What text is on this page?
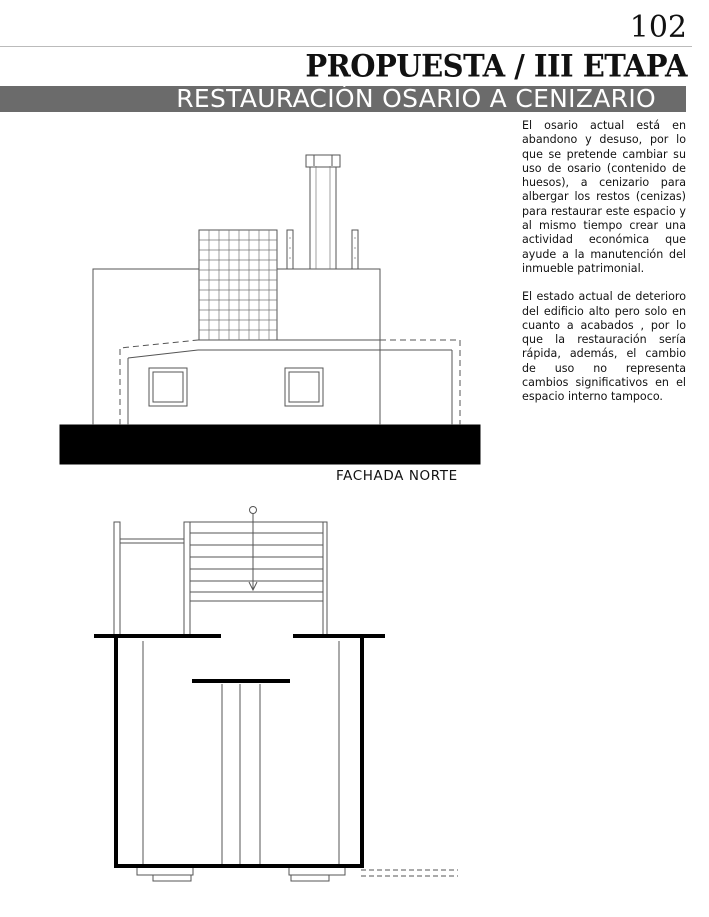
102
PROPUESTA / III ETAPA
RESTAURACIÓN OSARIO A CENIZARIO

El osario actual está en abandono y desuso, por lo que se pretende cambiar su uso de osario (contenido de huesos), a cenizario para albergar los restos (cenizas) para restaurar este espacio y al mismo tiempo crear una actividad económica que ayude a la manutención del inmueble patrimonial.

El estado actual de deterioro del edificio alto pero solo en cuanto a acabados , por lo que la restauración sería rápida, además, el cambio de uso no representa cambios significativos en el espacio interno tampoco.

FACHADA NORTE
